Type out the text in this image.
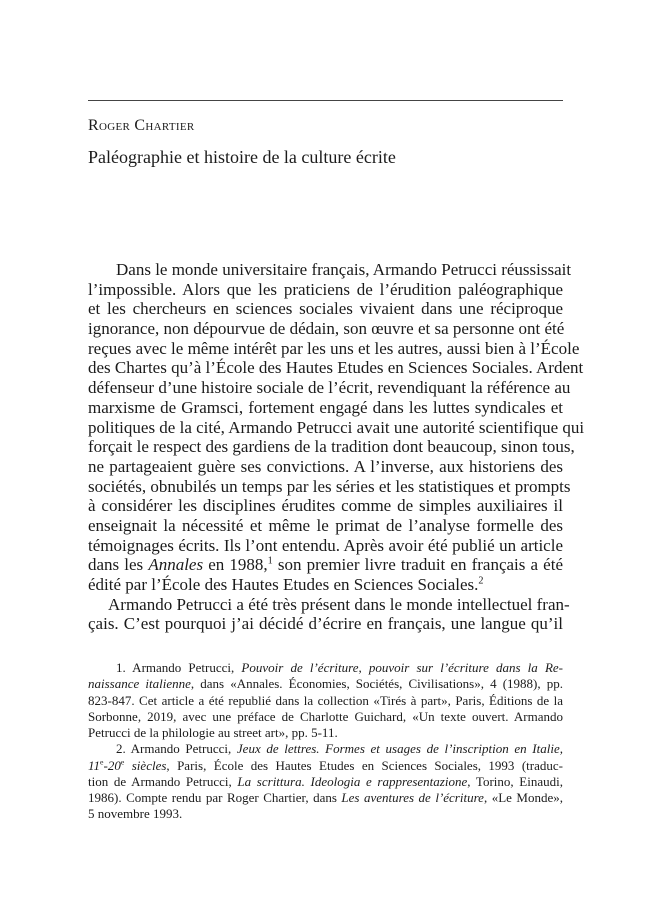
Roger Chartier
Paléographie et histoire de la culture écrite
Dans le monde universitaire français, Armando Petrucci réussissait
l’impossible. Alors que les praticiens de l’érudition paléographique
et les chercheurs en sciences sociales vivaient dans une réciproque
ignorance, non dépourvue de dédain, son œuvre et sa personne ont été
reçues avec le même intérêt par les uns et les autres, aussi bien à l’École
des Chartes qu’à l’École des Hautes Etudes en Sciences Sociales. Ardent
défenseur d’une histoire sociale de l’écrit, revendiquant la référence au
marxisme de Gramsci, fortement engagé dans les luttes syndicales et
politiques de la cité, Armando Petrucci avait une autorité scientifique qui
forçait le respect des gardiens de la tradition dont beaucoup, sinon tous,
ne partageaient guère ses convictions. A l’inverse, aux historiens des
sociétés, obnubilés un temps par les séries et les statistiques et prompts
à considérer les disciplines érudites comme de simples auxiliaires il
enseignait la nécessité et même le primat de l’analyse formelle des
témoignages écrits. Ils l’ont entendu. Après avoir été publié un article
dans les Annales en 1988,$^1$ son premier livre traduit en français a été
édité par l’École des Hautes Etudes en Sciences Sociales.$^2$
Armando Petrucci a été très présent dans le monde intellectuel fran-
çais. C’est pourquoi j’ai décidé d’écrire en français, une langue qu’il
1. Armando Petrucci, Pouvoir de l’écriture, pouvoir sur l’écriture dans la Re-
naissance italienne, dans «Annales. Économies, Sociétés, Civilisations», 4 (1988), pp.
823-847. Cet article a été republié dans la collection «Tirés à part», Paris, Éditions de la
Sorbonne, 2019, avec une préface de Charlotte Guichard, «Un texte ouvert. Armando
Petrucci de la philologie au street art», pp. 5-11.
2. Armando Petrucci, Jeux de lettres. Formes et usages de l’inscription en Italie,
11e-20e siècles, Paris, École des Hautes Etudes en Sciences Sociales, 1993 (traduc-
tion de Armando Petrucci, La scrittura. Ideologia e rappresentazione, Torino, Einaudi,
1986). Compte rendu par Roger Chartier, dans Les aventures de l’écriture, «Le Monde»,
5 novembre 1993.
